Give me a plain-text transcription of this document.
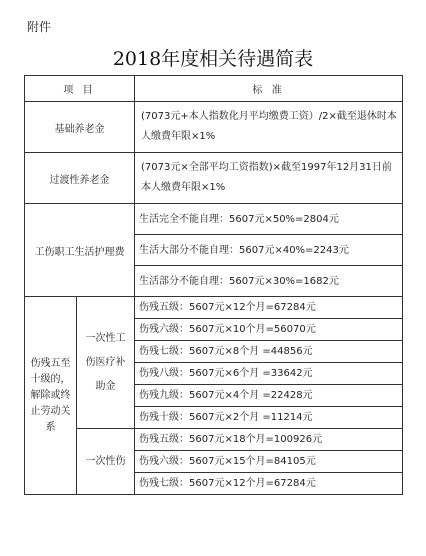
附件
2018年度相关待遇简表
项 目		标 准
基础养老金		(7073元+本人指数化月平均缴费工资）/2×截至退休时本人缴费年限×1%
过渡性养老金		(7073元×全部平均工资指数)×截至1997年12月31日前本人缴费年限×1%
工伤职工生活护理费		生活完全不能自理：5607元×50%=2804元
		生活大部分不能自理：5607元×40%=2243元
		生活部分不能自理：5607元×30%=1682元
伤残五至十级的，解除或终止劳动关系	一次性工伤医疗补助金	伤残五级：5607元×12个月=67284元
		伤残六级：5607元×10个月=56070元
		伤残七级：5607元×8个月 =44856元
		伤残八级：5607元×6个月 =33642元
		伤残九级：5607元×4个月 =22428元
		伤残十级：5607元×2个月 =11214元
	一次性伤	伤残五级：5607元×18个月=100926元
		伤残六级：5607元×15个月=84105元
		伤残七级：5607元×12个月=67284元
